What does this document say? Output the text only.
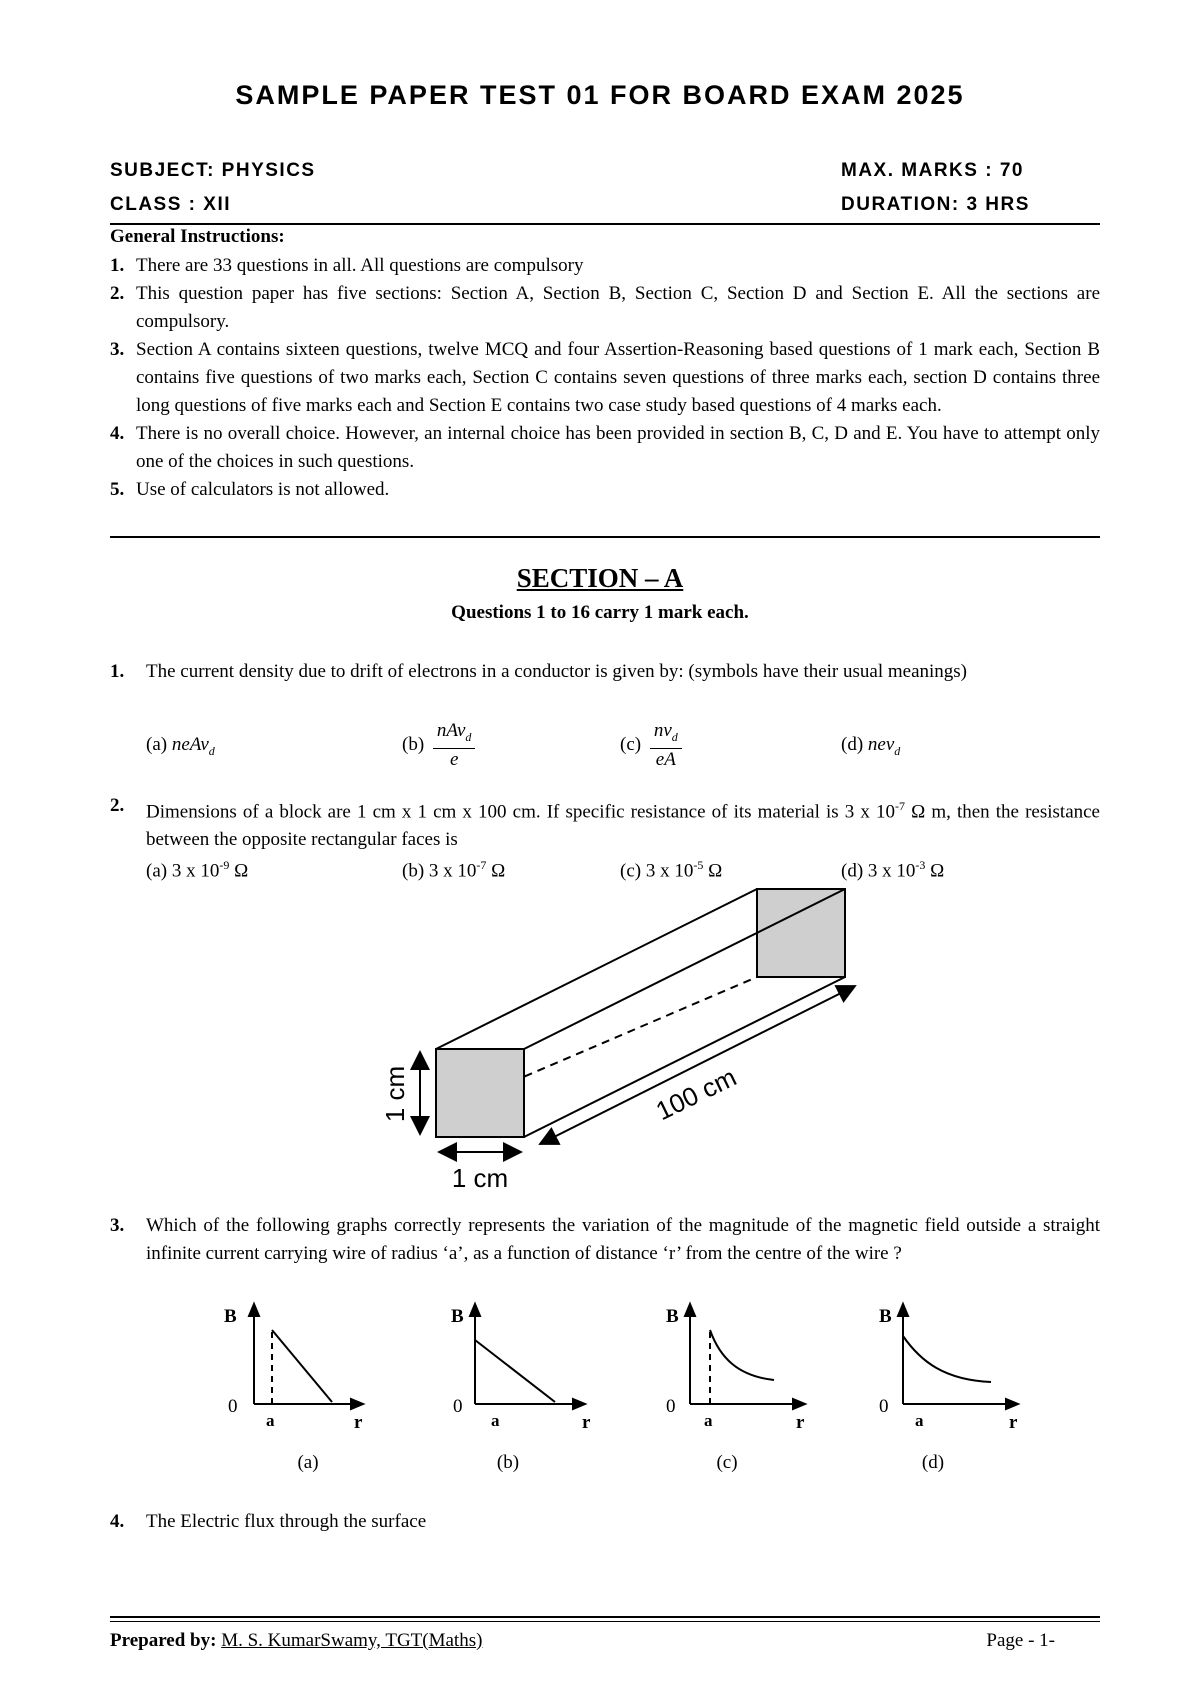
SAMPLE PAPER TEST 01 FOR BOARD EXAM 2025
SUBJECT: PHYSICS	MAX. MARKS : 70
CLASS : XII	DURATION: 3 HRS
General Instructions:
1. There are 33 questions in all. All questions are compulsory
2. This question paper has five sections: Section A, Section B, Section C, Section D and Section E. All the sections are compulsory.
3. Section A contains sixteen questions, twelve MCQ and four Assertion-Reasoning based questions of 1 mark each, Section B contains five questions of two marks each, Section C contains seven questions of three marks each, section D contains three long questions of five marks each and Section E contains two case study based questions of 4 marks each.
4. There is no overall choice. However, an internal choice has been provided in section B, C, D and E. You have to attempt only one of the choices in such questions.
5. Use of calculators is not allowed.
SECTION – A
Questions 1 to 16 carry 1 mark each.
1.	The current density due to drift of electrons in a conductor is given by: (symbols have their usual meanings)
(a) neAv$_d$	$(b) \frac{nAv_d}{e}$	$(c) \frac{nv_d}{eA}$	(d) nev$_d$
2.	Dimensions of a block are 1 cm x 1 cm x 100 cm. If specific resistance of its material is 3 x $10^{-7}$ Ω m, then the resistance between the opposite rectangular faces is
(a) 3 x $10^{-9}$ Ω	(b) 3 x $10^{-7}$ Ω	(c) 3 x $10^{-5}$ Ω	(d) 3 x $10^{-3}$ Ω
1 cm
1 cm
100 cm
3.	Which of the following graphs correctly represents the variation of the magnitude of the magnetic field outside a straight infinite current carrying wire of radius ‘a’, as a function of distance ‘r’ from the centre of the wire ?
B
0
a	r
(a)
B
0
a	r
(b)
B
0
a	r
(c)
B
0
a	r
(d)
4.	The Electric flux through the surface
Prepared by: M. S. KumarSwamy, TGT(Maths)	Page - 1-
